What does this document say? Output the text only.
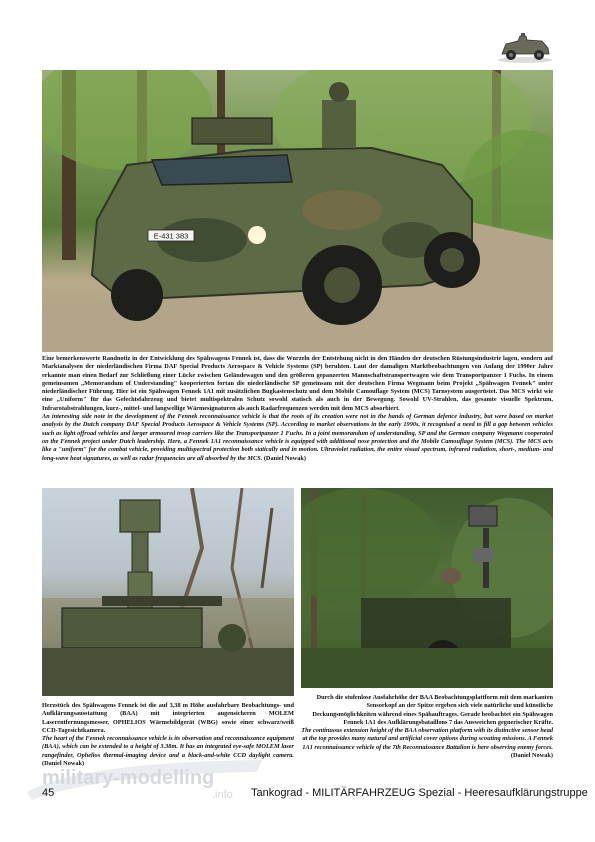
E-431 383

Eine bemerkenswerte Randnotiz in der Entwicklung des Spähwagens Fennek ist, dass die Wurzeln der Entstehung nicht in den Händen der deutschen Rüstungsindustrie lagen, sondern auf Marktanalysen der niederländischen Firma DAF Special Products Aerospace & Vehicle Systems (SP) beruhten. Laut der damaligen Marktbeobachtungen von Anfang der 1990er Jahre erkannte man einen Bedarf zur Schließung einer Lücke zwischen Geländewagen und den größeren gepanzerten Mannschaftstransportwagen wie dem Transportpanzer 1 Fuchs. In einem gemeinsamen „Memorandum of Understanding" kooperierten fortan die niederländische SP gemeinsam mit der deutschen Firma Wegmann beim Projekt „Spähwagen Fennek" unter niederländischer Führung. Hier ist ein Spähwagen Fennek 1A1 mit zusätzlichen Bugkastenschutz und dem Mobile Camouflage System (MCS) Tarnsystem ausgerüstet. Das MCS wirkt wie eine „Uniform" für das Gefechtsfahrzeug und bietet multispektralen Schutz sowohl statisch als auch in der Bewegung. Sowohl UV-Strahlen, das gesamte visuelle Spektrum, Infrarotabstrahlungen, kurz-, mittel- und langwellige Wärmesignaturen als auch Radarfrequenzen werden mit dem MCS absorbiert.

An interesting side note in the development of the Fennek reconnaissance vehicle is that the roots of its creation were not in the hands of German defence industry, but were based on market analysis by the Dutch company DAF Special Products Aerospace & Vehicle Systems (SP). According to market observations in the early 1990s, it recognised a need to fill a gap between vehicles such as light offroad vehicles and larger armoured troop carriers like the Transportpanzer 1 Fuchs. In a joint memorandum of understanding, SP and the German company Wegmann cooperated on the Fennek project under Dutch leadership. Here, a Fennek 1A1 reconnaissance vehicle is equipped with additional nose protection and the Mobile Camouflage System (MCS). The MCS acts like a "uniform" for the combat vehicle, providing multispectral protection both statically and in motion. Ultraviolet radiation, the entire visual spectrum, infrared radiation, short-, medium- and long-wave heat signatures, as well as radar frequencies are all absorbed by the MCS. (Daniel Nowak)

Herzstück des Spähwagens Fennek ist die auf 3,38 m Höhe ausfahrbare Beobachtungs- und Aufklärungsausstattung (BAA) mit integrierten augensicheren MOLEM Laserentfernungsmesser, OPHELIOS Wärmebildgerät (WBG) sowie einer schwarz/weiß CCD-Tagesichtkamera.

The heart of the Fennek reconnaissance vehicle is its observation and reconnaissance equipment (BAA), which can be extended to a height of 3.38m. It has an integrated eye-safe MOLEM laser rangefinder, Ophelios thermal-imaging device and a black-and-white CCD daylight camera. (Daniel Nowak)

Durch die stufenlose Ausfahrhöhe der BAA Beobachtungsplattform mit dem markanten Sensorkopf an der Spitze ergeben sich viele natürliche und künstliche Deckungsmöglichkeiten während eines Spähauftrages. Gerade beobachtet ein Spähwagen Fennek 1A1 des Aufklärungsbataillons 7 das Ausweichen gegnerischer Kräfte.

The continuous extension height of the BAA observation platform with its distinctive sensor head at the top provides many natural and artificial cover options during scouting missions. A Fennek 1A1 reconnaissance vehicle of the 7th Reconnaissance Battalion is here observing enemy forces. (Daniel Nowak)

military-modelling
.info
45	Tankograd - MILITÄRFAHRZEUG Spezial - Heeresaufklärungstruppe
